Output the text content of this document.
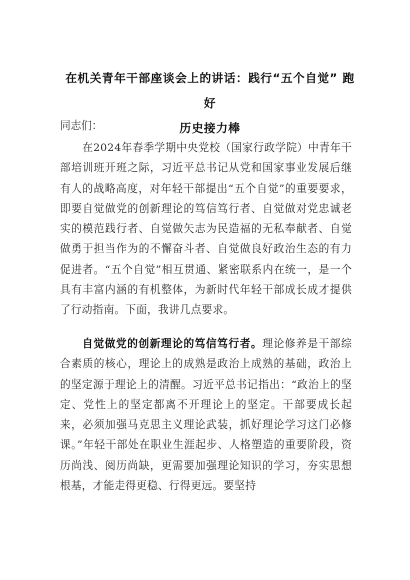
在机关青年干部座谈会上的讲话：践行“五个自觉” 跑好
历史接力棒
同志们：

在2024年春季学期中央党校（国家行政学院）中青年干部培训班开班之际，习近平总书记从党和国家事业发展后继有人的战略高度，对年轻干部提出“五个自觉”的重要要求，即要自觉做党的创新理论的笃信笃行者、自觉做对党忠诚老实的模范践行者、自觉做矢志为民造福的无私奉献者、自觉做勇于担当作为的不懈奋斗者、自觉做良好政治生态的有力促进者。“五个自觉”相互贯通、紧密联系内在统一，是一个具有丰富内涵的有机整体，为新时代年轻干部成长成才提供了行动指南。下面，我讲几点要求。

自觉做党的创新理论的笃信笃行者。理论修养是干部综合素质的核心，理论上的成熟是政治上成熟的基础，政治上的坚定源于理论上的清醒。习近平总书记指出：“政治上的坚定、党性上的坚定都离不开理论上的坚定。干部要成长起来，必须加强马克思主义理论武装，抓好理论学习这门必修课。”年轻干部处在职业生涯起步、人格塑造的重要阶段，资历尚浅、阅历尚缺，更需要加强理论知识的学习，夯实思想根基，才能走得更稳、行得更远。要坚持
